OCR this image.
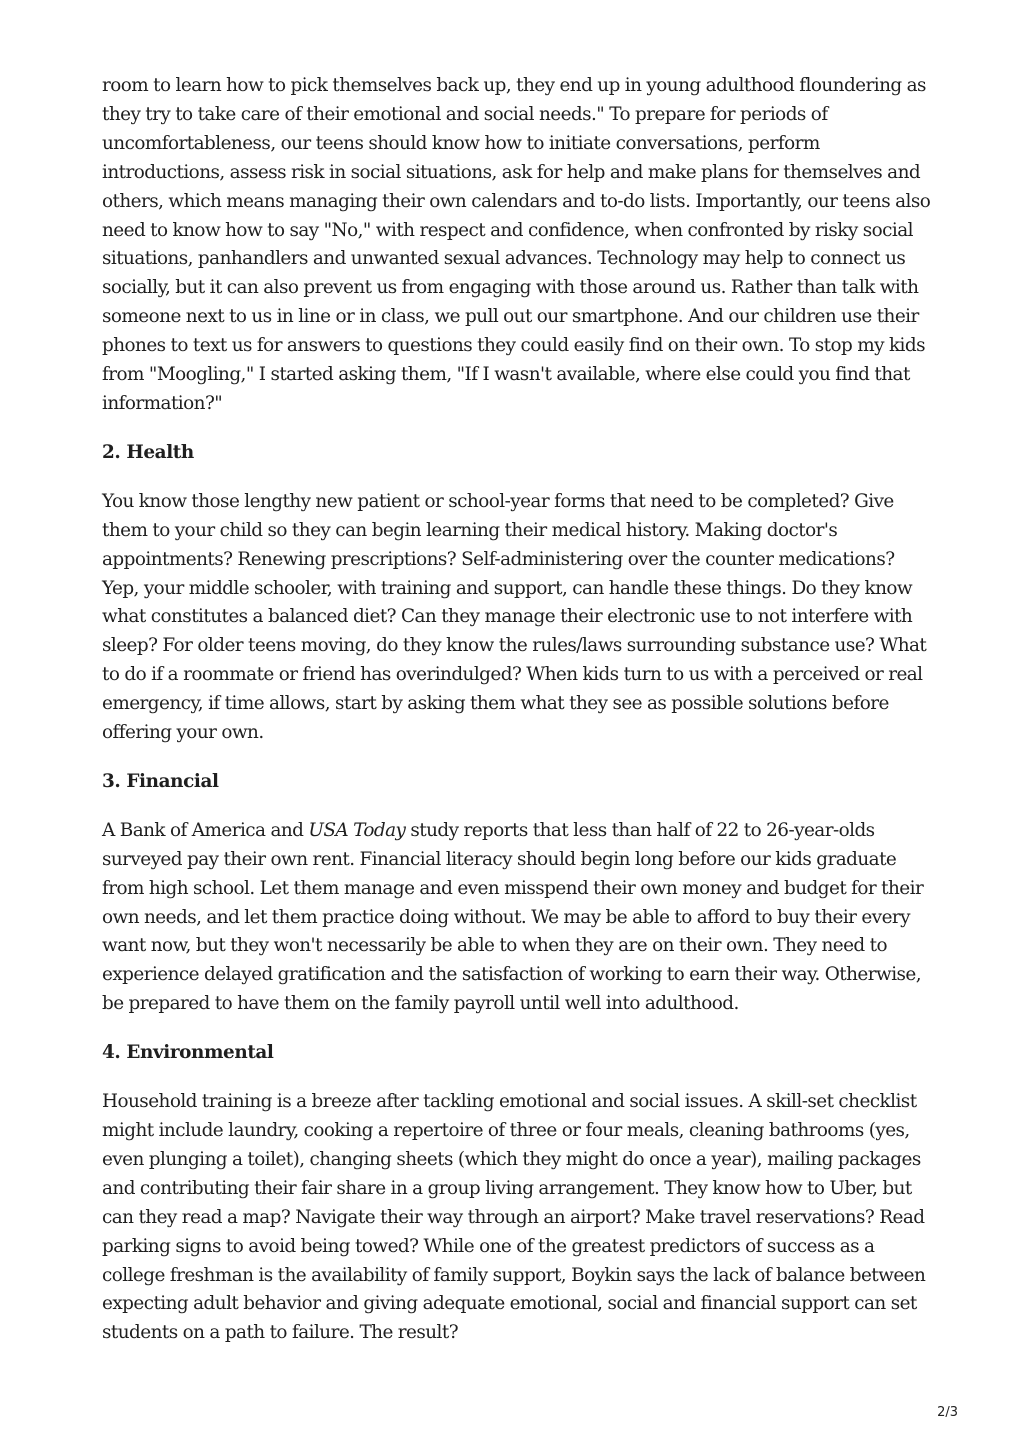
room to learn how to pick themselves back up, they end up in young adulthood floundering as they try to take care of their emotional and social needs." To prepare for periods of uncomfortableness, our teens should know how to initiate conversations, perform introductions, assess risk in social situations, ask for help and make plans for themselves and others, which means managing their own calendars and to-do lists. Importantly, our teens also need to know how to say "No," with respect and confidence, when confronted by risky social situations, panhandlers and unwanted sexual advances. Technology may help to connect us socially, but it can also prevent us from engaging with those around us. Rather than talk with someone next to us in line or in class, we pull out our smartphone. And our children use their phones to text us for answers to questions they could easily find on their own. To stop my kids from "Moogling," I started asking them, "If I wasn't available, where else could you find that information?"

2. Health

You know those lengthy new patient or school-year forms that need to be completed? Give them to your child so they can begin learning their medical history. Making doctor's appointments? Renewing prescriptions? Self-administering over the counter medications? Yep, your middle schooler, with training and support, can handle these things. Do they know what constitutes a balanced diet? Can they manage their electronic use to not interfere with sleep? For older teens moving, do they know the rules/laws surrounding substance use? What to do if a roommate or friend has overindulged? When kids turn to us with a perceived or real emergency, if time allows, start by asking them what they see as possible solutions before offering your own.

3. Financial

A Bank of America and USA Today study reports that less than half of 22 to 26-year-olds surveyed pay their own rent. Financial literacy should begin long before our kids graduate from high school. Let them manage and even misspend their own money and budget for their own needs, and let them practice doing without. We may be able to afford to buy their every want now, but they won't necessarily be able to when they are on their own. They need to experience delayed gratification and the satisfaction of working to earn their way. Otherwise, be prepared to have them on the family payroll until well into adulthood.

4. Environmental

Household training is a breeze after tackling emotional and social issues. A skill-set checklist might include laundry, cooking a repertoire of three or four meals, cleaning bathrooms (yes, even plunging a toilet), changing sheets (which they might do once a year), mailing packages and contributing their fair share in a group living arrangement. They know how to Uber, but can they read a map? Navigate their way through an airport? Make travel reservations? Read parking signs to avoid being towed? While one of the greatest predictors of success as a college freshman is the availability of family support, Boykin says the lack of balance between expecting adult behavior and giving adequate emotional, social and financial support can set students on a path to failure. The result?

2/3
